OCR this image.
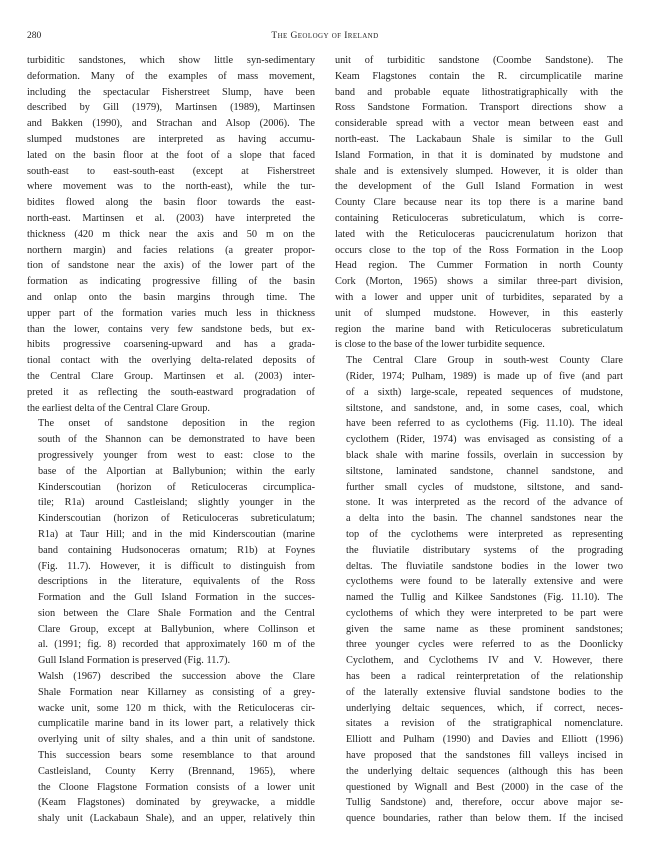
280	The Geology of Ireland

turbiditic sandstones, which show little syn-sedimentary
deformation. Many of the examples of mass movement,
including the spectacular Fisherstreet Slump, have been
described by Gill (1979), Martinsen (1989), Martinsen
and Bakken (1990), and Strachan and Alsop (2006). The
slumped mudstones are interpreted as having accumu-
lated on the basin floor at the foot of a slope that faced
south-east to east-south-east (except at Fisherstreet
where movement was to the north-east), while the tur-
bidites flowed along the basin floor towards the east-
north-east. Martinsen et al. (2003) have interpreted the
thickness (420 m thick near the axis and 50 m on the
northern margin) and facies relations (a greater propor-
tion of sandstone near the axis) of the lower part of the
formation as indicating progressive filling of the basin
and onlap onto the basin margins through time. The
upper part of the formation varies much less in thickness
than the lower, contains very few sandstone beds, but ex-
hibits progressive coarsening-upward and has a grada-
tional contact with the overlying delta-related deposits of
the Central Clare Group. Martinsen et al. (2003) inter-
preted it as reflecting the south-eastward progradation of
the earliest delta of the Central Clare Group.

The onset of sandstone deposition in the region
south of the Shannon can be demonstrated to have been
progressively younger from west to east: close to the
base of the Alportian at Ballybunion; within the early
Kinderscoutian (horizon of Reticuloceras circumplica-
tile; R1a) around Castleisland; slightly younger in the
Kinderscoutian (horizon of Reticuloceras subreticulatum;
R1a) at Taur Hill; and in the mid Kinderscoutian (marine
band containing Hudsonoceras ornatum; R1b) at Foynes
(Fig. 11.7). However, it is difficult to distinguish from
descriptions in the literature, equivalents of the Ross
Formation and the Gull Island Formation in the succes-
sion between the Clare Shale Formation and the Central
Clare Group, except at Ballybunion, where Collinson et
al. (1991; fig. 8) recorded that approximately 160 m of the
Gull Island Formation is preserved (Fig. 11.7).

Walsh (1967) described the succession above the Clare
Shale Formation near Killarney as consisting of a grey-
wacke unit, some 120 m thick, with the Reticuloceras cir-
cumplicatile marine band in its lower part, a relatively thick
overlying unit of silty shales, and a thin unit of sandstone.
This succession bears some resemblance to that around
Castleisland, County Kerry (Brennand, 1965), where
the Cloone Flagstone Formation consists of a lower unit
(Keam Flagstones) dominated by greywacke, a middle
shaly unit (Lackabaun Shale), and an upper, relatively thin

unit of turbiditic sandstone (Coombe Sandstone). The
Keam Flagstones contain the R. circumplicatile marine
band and probable equate lithostratigraphically with the
Ross Sandstone Formation. Transport directions show a
considerable spread with a vector mean between east and
north-east. The Lackabaun Shale is similar to the Gull
Island Formation, in that it is dominated by mudstone and
shale and is extensively slumped. However, it is older than
the development of the Gull Island Formation in west
County Clare because near its top there is a marine band
containing Reticuloceras subreticulatum, which is corre-
lated with the Reticuloceras paucicrenulatum horizon that
occurs close to the top of the Ross Formation in the Loop
Head region. The Cummer Formation in north County
Cork (Morton, 1965) shows a similar three-part division,
with a lower and upper unit of turbidites, separated by a
unit of slumped mudstone. However, in this easterly
region the marine band with Reticuloceras subreticulatum
is close to the base of the lower turbidite sequence.

The Central Clare Group in south-west County Clare
(Rider, 1974; Pulham, 1989) is made up of five (and part
of a sixth) large-scale, repeated sequences of mudstone,
siltstone, and sandstone, and, in some cases, coal, which
have been referred to as cyclothems (Fig. 11.10). The ideal
cyclothem (Rider, 1974) was envisaged as consisting of a
black shale with marine fossils, overlain in succession by
siltstone, laminated sandstone, channel sandstone, and
further small cycles of mudstone, siltstone, and sand-
stone. It was interpreted as the record of the advance of
a delta into the basin. The channel sandstones near the
top of the cyclothems were interpreted as representing
the fluviatile distributary systems of the prograding
deltas. The fluviatile sandstone bodies in the lower two
cyclothems were found to be laterally extensive and were
named the Tullig and Kilkee Sandstones (Fig. 11.10). The
cyclothems of which they were interpreted to be part were
given the same name as these prominent sandstones;
three younger cycles were referred to as the Doonlicky
Cyclothem, and Cyclothems IV and V. However, there
has been a radical reinterpretation of the relationship
of the laterally extensive fluvial sandstone bodies to the
underlying deltaic sequences, which, if correct, neces-
sitates a revision of the stratigraphical nomenclature.
Elliott and Pulham (1990) and Davies and Elliott (1996)
have proposed that the sandstones fill valleys incised in
the underlying deltaic sequences (although this has been
questioned by Wignall and Best (2000) in the case of the
Tullig Sandstone) and, therefore, occur above major se-
quence boundaries, rather than below them. If the incised
